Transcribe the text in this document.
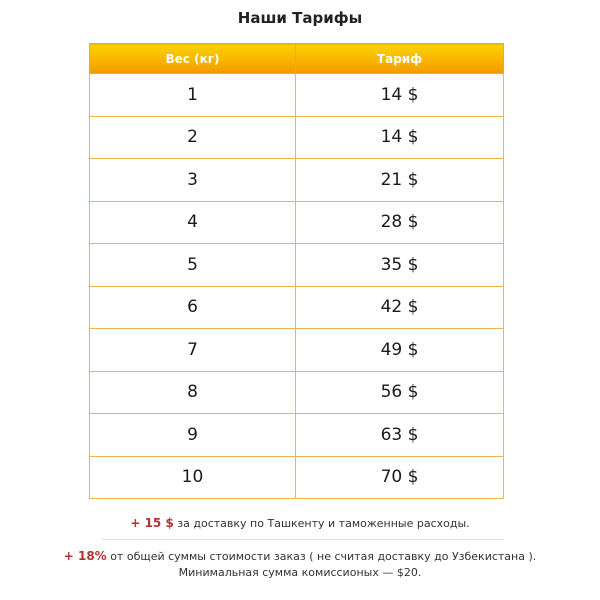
Наши Тарифы
Вес (кг)	Тариф
1	14 $
2	14 $
3	21 $
4	28 $
5	35 $
6	42 $
7	49 $
8	56 $
9	63 $
10	70 $
+ 15 $ за доставку по Ташкенту и таможенные расходы.
+ 18% от общей суммы стоимости заказ ( не считая доставку до Узбекистана ).
Минимальная сумма комиссионых — $20.
